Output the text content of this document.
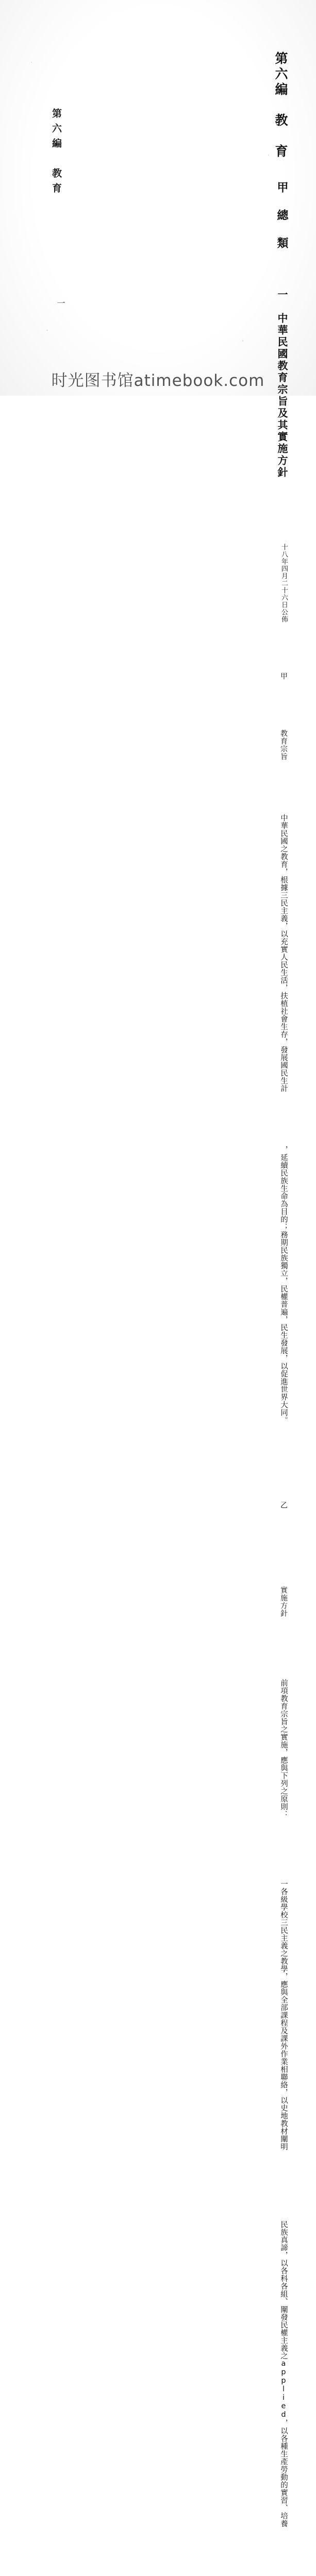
第六編　教　育
甲　總　類
一　中華民國教育宗旨及其實施方針
十八年四月二十六日公佈
甲
教育宗旨
中華民國之教育，根據三民主義，以充實人民生活，扶植社會生存，發展國民生計
，延續民族生命為目的；務期民族獨立，民權普遍，民生發展，以促進世界大同。
乙
實施方針
前項教育宗旨之實施，應與下列之原則：
一各級學校三民主義之教學，應與全部課程及課外作業相聯絡，以史地教材闡明
民族真諦，以各科各組、闡發民權主義之applied，以各種生產勞動的實習、培養
第六編　教育
一
时光图书馆atimebook.com
